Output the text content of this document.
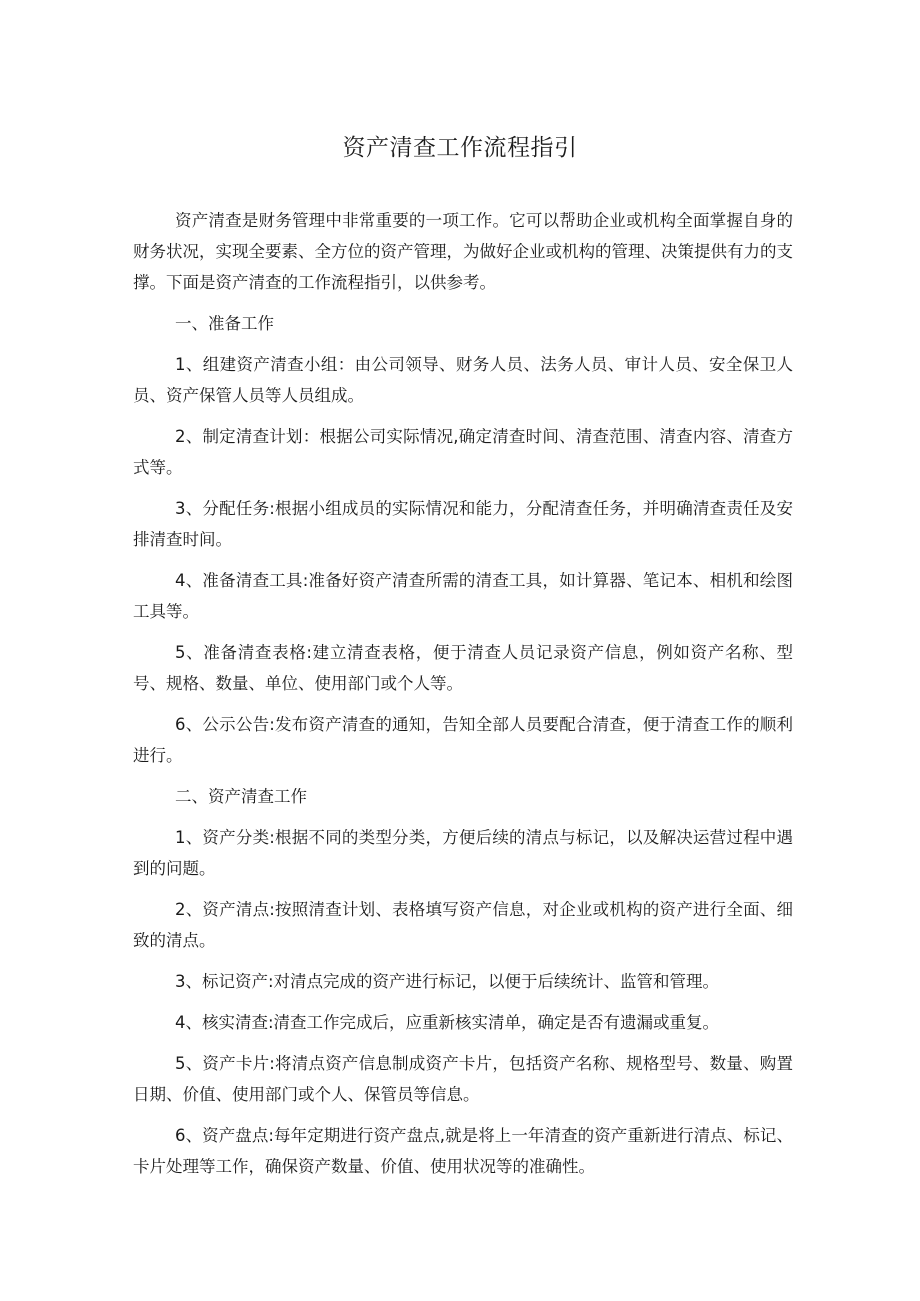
资产清查工作流程指引

资产清查是财务管理中非常重要的一项工作。它可以帮助企业或机构全面掌握自身的财务状况，实现全要素、全方位的资产管理，为做好企业或机构的管理、决策提供有力的支撑。下面是资产清查的工作流程指引，以供参考。

一、准备工作

1、组建资产清查小组：由公司领导、财务人员、法务人员、审计人员、安全保卫人员、资产保管人员等人员组成。

2、制定清查计划：根据公司实际情况,确定清查时间、清查范围、清查内容、清查方式等。

3、分配任务:根据小组成员的实际情况和能力，分配清查任务，并明确清查责任及安排清查时间。

4、准备清查工具:准备好资产清查所需的清查工具，如计算器、笔记本、相机和绘图工具等。

5、准备清查表格:建立清查表格，便于清查人员记录资产信息，例如资产名称、型号、规格、数量、单位、使用部门或个人等。

6、公示公告:发布资产清查的通知，告知全部人员要配合清查，便于清查工作的顺利进行。

二、资产清查工作

1、资产分类:根据不同的类型分类，方便后续的清点与标记，以及解决运营过程中遇到的问题。

2、资产清点:按照清查计划、表格填写资产信息，对企业或机构的资产进行全面、细致的清点。

3、标记资产:对清点完成的资产进行标记，以便于后续统计、监管和管理。

4、核实清查:清查工作完成后，应重新核实清单，确定是否有遗漏或重复。

5、资产卡片:将清点资产信息制成资产卡片，包括资产名称、规格型号、数量、购置日期、价值、使用部门或个人、保管员等信息。

6、资产盘点:每年定期进行资产盘点,就是将上一年清查的资产重新进行清点、标记、卡片处理等工作，确保资产数量、价值、使用状况等的准确性。
